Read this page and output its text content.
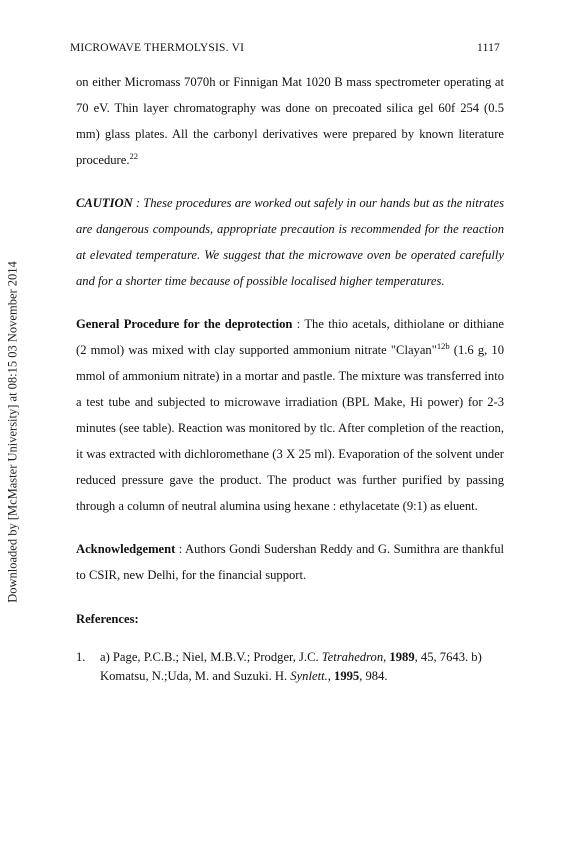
MICROWAVE THERMOLYSIS. VI	1117
Downloaded by [McMaster University] at 08:15 03 November 2014

on either Micromass 7070h or Finnigan Mat 1020 B mass spectrometer operating at 70 eV. Thin layer chromatography was done on precoated silica gel 60f 254 (0.5 mm) glass plates. All the carbonyl derivatives were prepared by known literature procedure.$^{22}$

CAUTION : These procedures are worked out safely in our hands but as the nitrates are dangerous compounds, appropriate precaution is recommended for the reaction at elevated temperature. We suggest that the microwave oven be operated carefully and for a shorter time because of possible localised higher temperatures.

General Procedure for the deprotection : The thio acetals, dithiolane or dithiane (2 mmol) was mixed with clay supported ammonium nitrate "Clayan"$^{12b}$ (1.6 g, 10 mmol of ammonium nitrate) in a mortar and pastle. The mixture was transferred into a test tube and subjected to microwave irradiation (BPL Make, Hi power) for 2-3 minutes (see table). Reaction was monitored by tlc. After completion of the reaction, it was extracted with dichloromethane (3 X 25 ml). Evaporation of the solvent under reduced pressure gave the product. The product was further purified by passing through a column of neutral alumina using hexane : ethylacetate (9:1) as eluent.

Acknowledgement : Authors Gondi Sudershan Reddy and G. Sumithra are thankful to CSIR, new Delhi, for the financial support.

References:

1.	a) Page, P.C.B.; Niel, M.B.V.; Prodger, J.C. Tetrahedron, 1989, 45, 7643. b) Komatsu, N.;Uda, M. and Suzuki. H. Synlett., 1995, 984.
